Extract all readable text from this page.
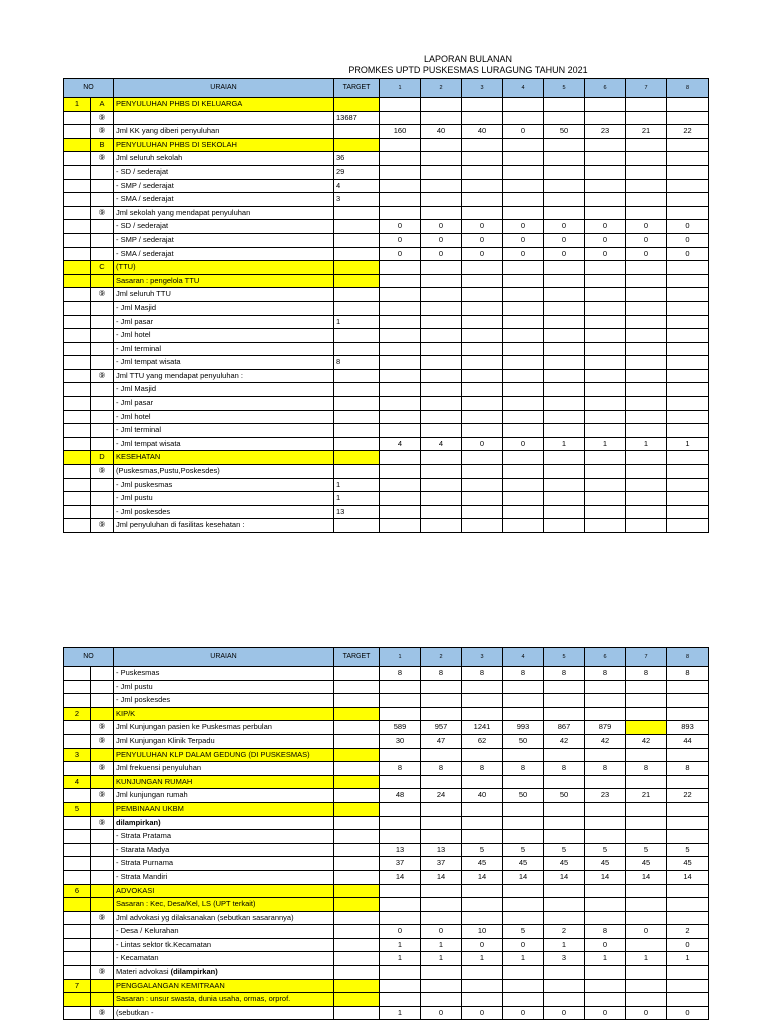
LAPORAN BULANAN
PROMKES UPTD PUSKESMAS LURAGUNG TAHUN 2021
NO		URAIAN	TARGET	1	2	3	4	5	6	7	8
1	A	PENYULUHAN PHBS DI KELUARGA									
	⑨		13687								
	⑨	Jml KK yang diberi penyuluhan		160	40	40	0	50	23	21	22
	B	PENYULUHAN PHBS DI SEKOLAH									
	⑨	Jml seluruh sekolah	36								
		- SD / sederajat	29								
		- SMP / sederajat	4								
		- SMA / sederajat	3								
	⑨	Jml sekolah yang mendapat penyuluhan									
		- SD / sederajat		0	0	0	0	0	0	0	0
		- SMP / sederajat		0	0	0	0	0	0	0	0
		- SMA / sederajat		0	0	0	0	0	0	0	0
	C	(TTU)									
		Sasaran : pengelola TTU									
	⑨	Jml seluruh TTU									
		- Jml Masjid									
		- Jml pasar	1								
		- Jml hotel									
		- Jml terminal									
		- Jml tempat wisata	8								
	⑨	Jml TTU yang mendapat penyuluhan :									
		- Jml Masjid									
		- Jml pasar									
		- Jml hotel									
		- Jml terminal									
		- Jml tempat wisata		4	4	0	0	1	1	1	1
	D	KESEHATAN									
	⑨	(Puskesmas,Pustu,Poskesdes)									
		- Jml puskesmas	1								
		- Jml pustu	1								
		- Jml poskesdes	13								
	⑨	Jml penyuluhan di fasilitas kesehatan :									
NO		URAIAN	TARGET	1	2	3	4	5	6	7	8
		- Puskesmas		8	8	8	8	8	8	8	8
		- Jml pustu									
		- Jml poskesdes									
2		KIP/K									
	⑨	Jml Kunjungan pasien ke Puskesmas perbulan		589	957	1241	993	867	879		893
	⑨	Jml Kunjungan Klinik Terpadu		30	47	62	50	42	42	42	44
3		PENYULUHAN KLP DALAM GEDUNG (DI PUSKESMAS)									
	⑨	Jml frekuensi penyuluhan		8	8	8	8	8	8	8	8
4		KUNJUNGAN RUMAH									
	⑨	Jml kunjungan rumah		48	24	40	50	50	23	21	22
5		PEMBINAAN UKBM									
	⑨	dilampirkan)									
		- Strata Pratama									
		- Starata Madya		13	13	5	5	5	5	5	5
		- Strata Purnama		37	37	45	45	45	45	45	45
		- Strata Mandiri		14	14	14	14	14	14	14	14
6		ADVOKASI									
		Sasaran : Kec, Desa/Kel, LS (UPT terkait)									
	⑨	Jml advokasi yg dilaksanakan (sebutkan sasarannya)									
		- Desa / Kelurahan		0	0	10	5	2	8	0	2
		- Lintas sektor tk.Kecamatan		1	1	0	0	1	0		0
		- Kecamatan		1	1	1	1	3	1	1	1
	⑨	Materi advokasi (dilampirkan)									
7		PENGGALANGAN KEMITRAAN									
		Sasaran : unsur swasta, dunia usaha, ormas, orprof.									
	⑨	(sebutkan -		1	0	0	0	0	0	0	0
